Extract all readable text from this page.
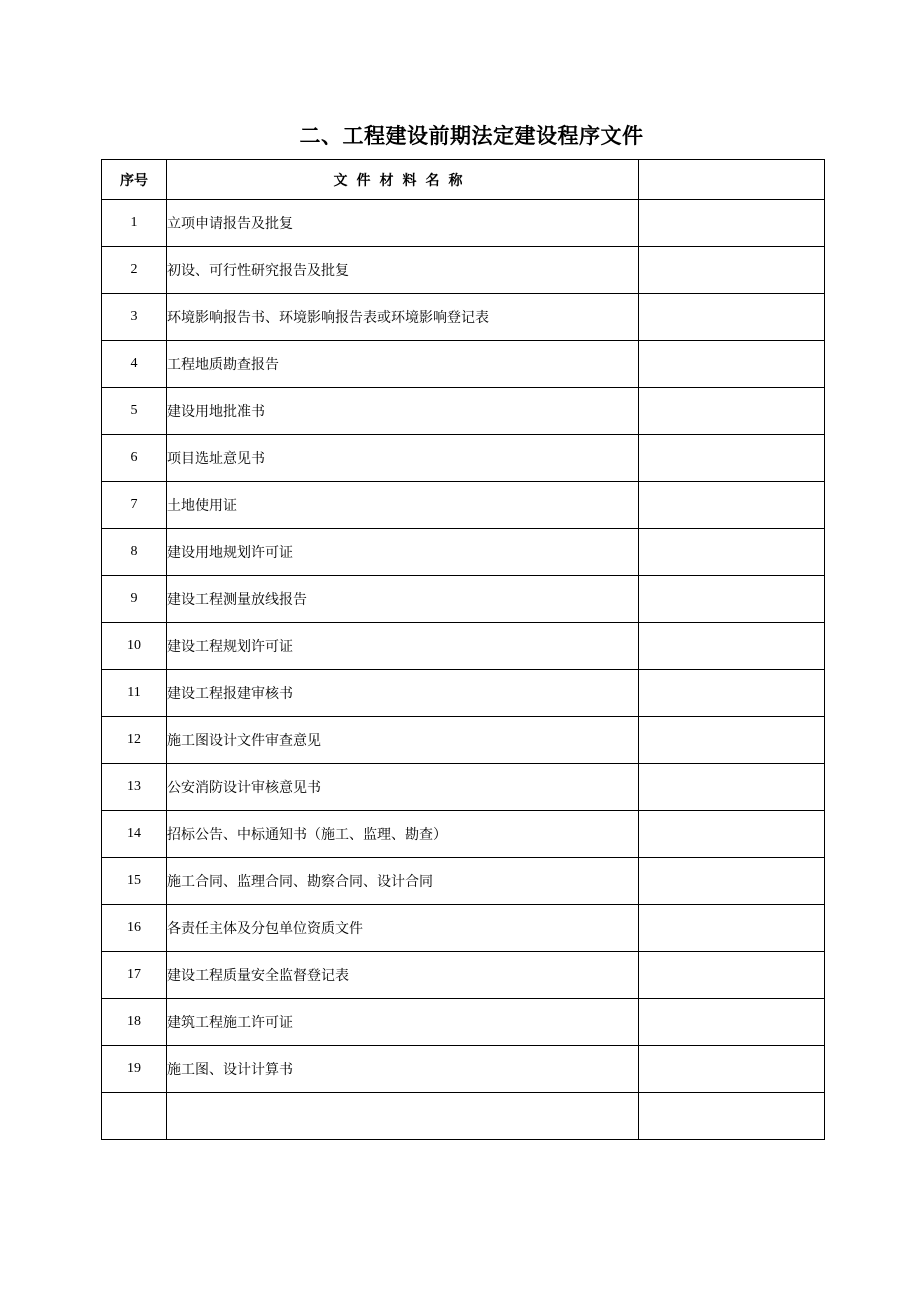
二、工程建设前期法定建设程序文件
序号	文件材料名称	
1	立项申请报告及批复	
2	初设、可行性研究报告及批复	
3	环境影响报告书、环境影响报告表或环境影响登记表	
4	工程地质勘查报告	
5	建设用地批准书	
6	项目选址意见书	
7	土地使用证	
8	建设用地规划许可证	
9	建设工程测量放线报告	
10	建设工程规划许可证	
11	建设工程报建审核书	
12	施工图设计文件审查意见	
13	公安消防设计审核意见书	
14	招标公告、中标通知书（施工、监理、勘查）	
15	施工合同、监理合同、勘察合同、设计合同	
16	各责任主体及分包单位资质文件	
17	建设工程质量安全监督登记表	
18	建筑工程施工许可证	
19	施工图、设计计算书	
